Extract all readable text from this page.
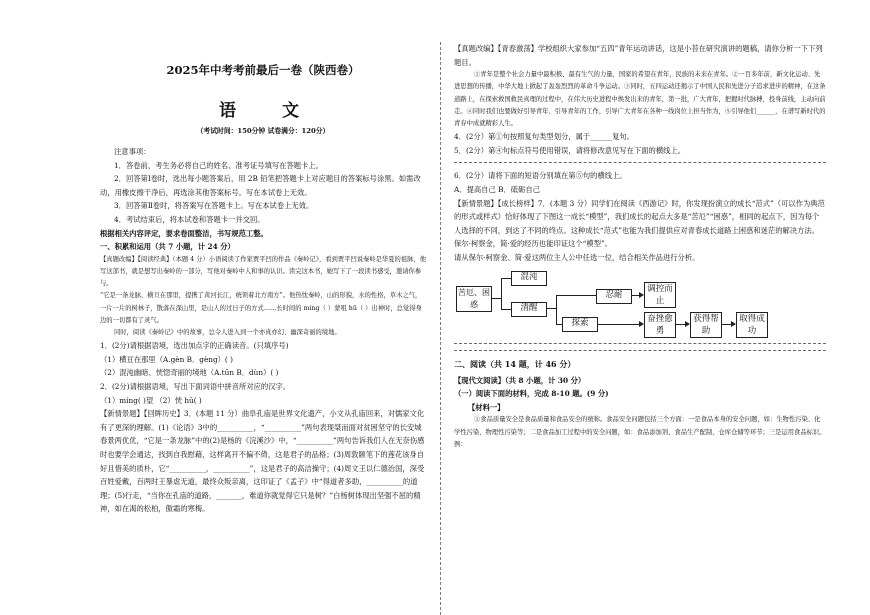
2025年中考考前最后一卷（陕西卷）
语 文
（考试时间：150分钟 试卷满分：120分）

注意事项：

1．答卷前，考生务必将自己的姓名、准考证号填写在答题卡上。

2．回答第Ⅰ卷时，选出每小题答案后，用 2B 铅笔把答题卡上对应题目的答案标号涂黑。如需改动，用橡皮擦干净后，再选涂其他答案标号。写在本试卷上无效。

3．回答第Ⅱ卷时，将答案写在答题卡上。写在本试卷上无效。

4．考试结束后，将本试卷和答题卡一并交回。

根据相关内容评定，要求卷面整洁，书写规范工整。

一、积累和运用（共 7 小题，计 24 分）

【真题改编】【阅读经典】（本题 4 分）小语阅读了作家贾平凹的作品《秦岭记》，看到贾平凹说秦岭是华夏的祖脉，他写这部书，就是想写出秦岭的一部分，写他对秦岭中人和事的认识。读完这本书，她写下了一段读书感受，邀请你参与。

“它是一条龙脉，横亘在那里，提携了黄河长江，统领着北方南方”。他热忱秦岭，山的形貌，水的性格，草木之气，一片一片的树林子，散落在深山里，是山人的过日子的方式……长时间的 ming（ ）蒙咀 hū（ ）出神时，总觉得身边的一切都有了灵气。

同时，阅读《秦岭记》中的故事，总令人进入到一个亦真亦幻、幽深奇丽的境地。

1．(2分)请根据语境，选出加点字的正确读音。(只填序号)

（1）横亘在那里（A.gèn B．gèng）( )

（2）混沌幽暗、恍惚奇丽的境地（A.tūn B．dùn）( )

2．(2分)请根据语境，写出下面词语中拼音所对应的汉字。

（1）míng( )望 （2）恍 hū( )

【新情景题】【回眸历史】3．(本题 11 分）曲阜孔庙是世界文化遗产，小文从孔庙回来，对儒家文化有了更深的理解。(1)《论语》3中的__________，“__________”两句表现桀而面对贫困坚守的长安城春景两优优，“它是一条龙脉”中的(2)是杨的《浣溪沙》中，“__________”两句告诉我们人在无奈伤感时也要学会通达，找到自我慰藉，这样离开不偏不倚，这是君子的品格；(3)周敦颐笔下的莲花该身自好且惜美的质朴，它“__________，__________”，这是君子的高洁操守；(4)周文王以仁德治国，深受百姓爱戴，百两时王暴虐无道，最终众叛亲离，这印证了《孟子》中“得道者多助，__________的道理；(5)行走，“当你在孔庙的道路，_______，难道你就觉得它只是树？”白杨树体现出坚强不屈的精神，如在渴的松柏，傲霜的寒梅。

【真题改编】【青春激荡】学校组织大家参加“五四”青年运动讲话，这是小苔在研究演讲的题稿，请你分析一下下列题目。

①青年是整个社会力量中最积极、最有生气的力量，国家的希望在青年，民族的未来在青年。②一百多年前，新文化运动、先进思想的传播，中华大地上掀起了轰轰烈烈的革命斗争运动。③同时，五四运动还揭示了中国人民和先进分子追求进步的精神，在这条道路上，在探索救国救民真理的过程中，在伟大历史进程中焕发出来的青年，第一批，广大青年，把握时代脉搏，投身前线，主动向前走。④同时我们也要做好引导青年、引导青年的工作，引导广大青年在各种一线岗位上担当作为，⑤引导他们______，在谱写新时代的青春中成就精彩人生。

4．(2分）第①句按照复句类型划分，属于______复句。

5．(2分）第④句标点符号使用错误，请将修改意见写在下面的横线上。

6．(2分）请将下面的短语分别填在第⑤句的横线上。

A．提高自己 B．砥砺自己

【新情景题】【成长榜样】7．(本题 3 分）同学们在阅读《西游记》时，你发现扮演立的成长“范式”（可以作为典范的形式或样式）恰好体现了下图这一成长“模型”，我们成长的起点大多是“苦厄”“困惑”，相同的起点下，因为每个人选择的不同，到达了不同的终点。这种成长“范式”也能为我们提供应对青春成长道路上困惑和迷茫的解决方法。保尔·柯察金，简·爱的经历也能印证这个“模型”。

请从保尔·柯察金、简·爱这两位主人公中任选一位，结合相关作品进行分析。

苦厄、困惑
混沌
清醒
忍耐
探索
调控而止
奋挫愈勇
获得帮助
取得成功

二、阅读（共 14 题，计 46 分）

【现代文阅读】（共 8 小题，计 30 分）

（一）阅读下面的材料，完成 8-10 题。(9 分)

【材料一】

①食品质量安全是食品质量和食品安全的统称。食品安全问题包括三个方面：一是食品本身的安全问题，如：生物性污染、化学性污染、物理性污染等；二是食品加工过程中的安全问题，如：食品添加剂、食品生产配制、仓库仓储等环节；三是运用食品标识。例：
